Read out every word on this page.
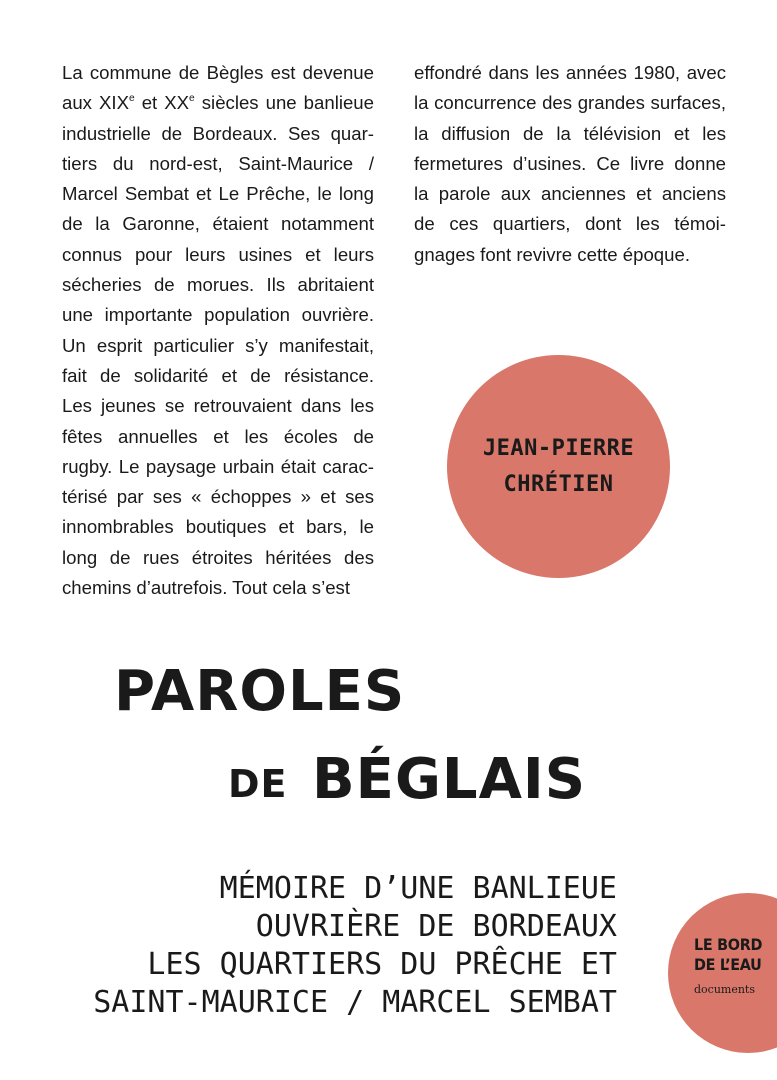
La commune de Bègles est devenue
aux XIXe et XXe siècles une banlieue
industrielle de Bordeaux. Ses quar-
tiers du nord-est, Saint-Maurice /
Marcel Sembat et Le Prêche, le long
de la Garonne, étaient notamment
connus pour leurs usines et leurs
sécheries de morues. Ils abritaient
une importante population ouvrière.
Un esprit particulier s’y manifestait,
fait de solidarité et de résistance.
Les jeunes se retrouvaient dans les
fêtes annuelles et les écoles de
rugby. Le paysage urbain était carac-
térisé par ses « échoppes » et ses
innombrables boutiques et bars, le
long de rues étroites héritées des
chemins d’autrefois. Tout cela s’est
effondré dans les années 1980, avec
la concurrence des grandes surfaces,
la diffusion de la télévision et les
fermetures d’usines. Ce livre donne
la parole aux anciennes et anciens
de ces quartiers, dont les témoi-
gnages font revivre cette époque.
JEAN-PIERRE
CHRÉTIEN
PAROLES
DE BÉGLAIS
MÉMOIRE D’UNE BANLIEUE
OUVRIÈRE DE BORDEAUX
LES QUARTIERS DU PRÊCHE ET
SAINT-MAURICE / MARCEL SEMBAT
LE BORD
DE L’EAU
documents
